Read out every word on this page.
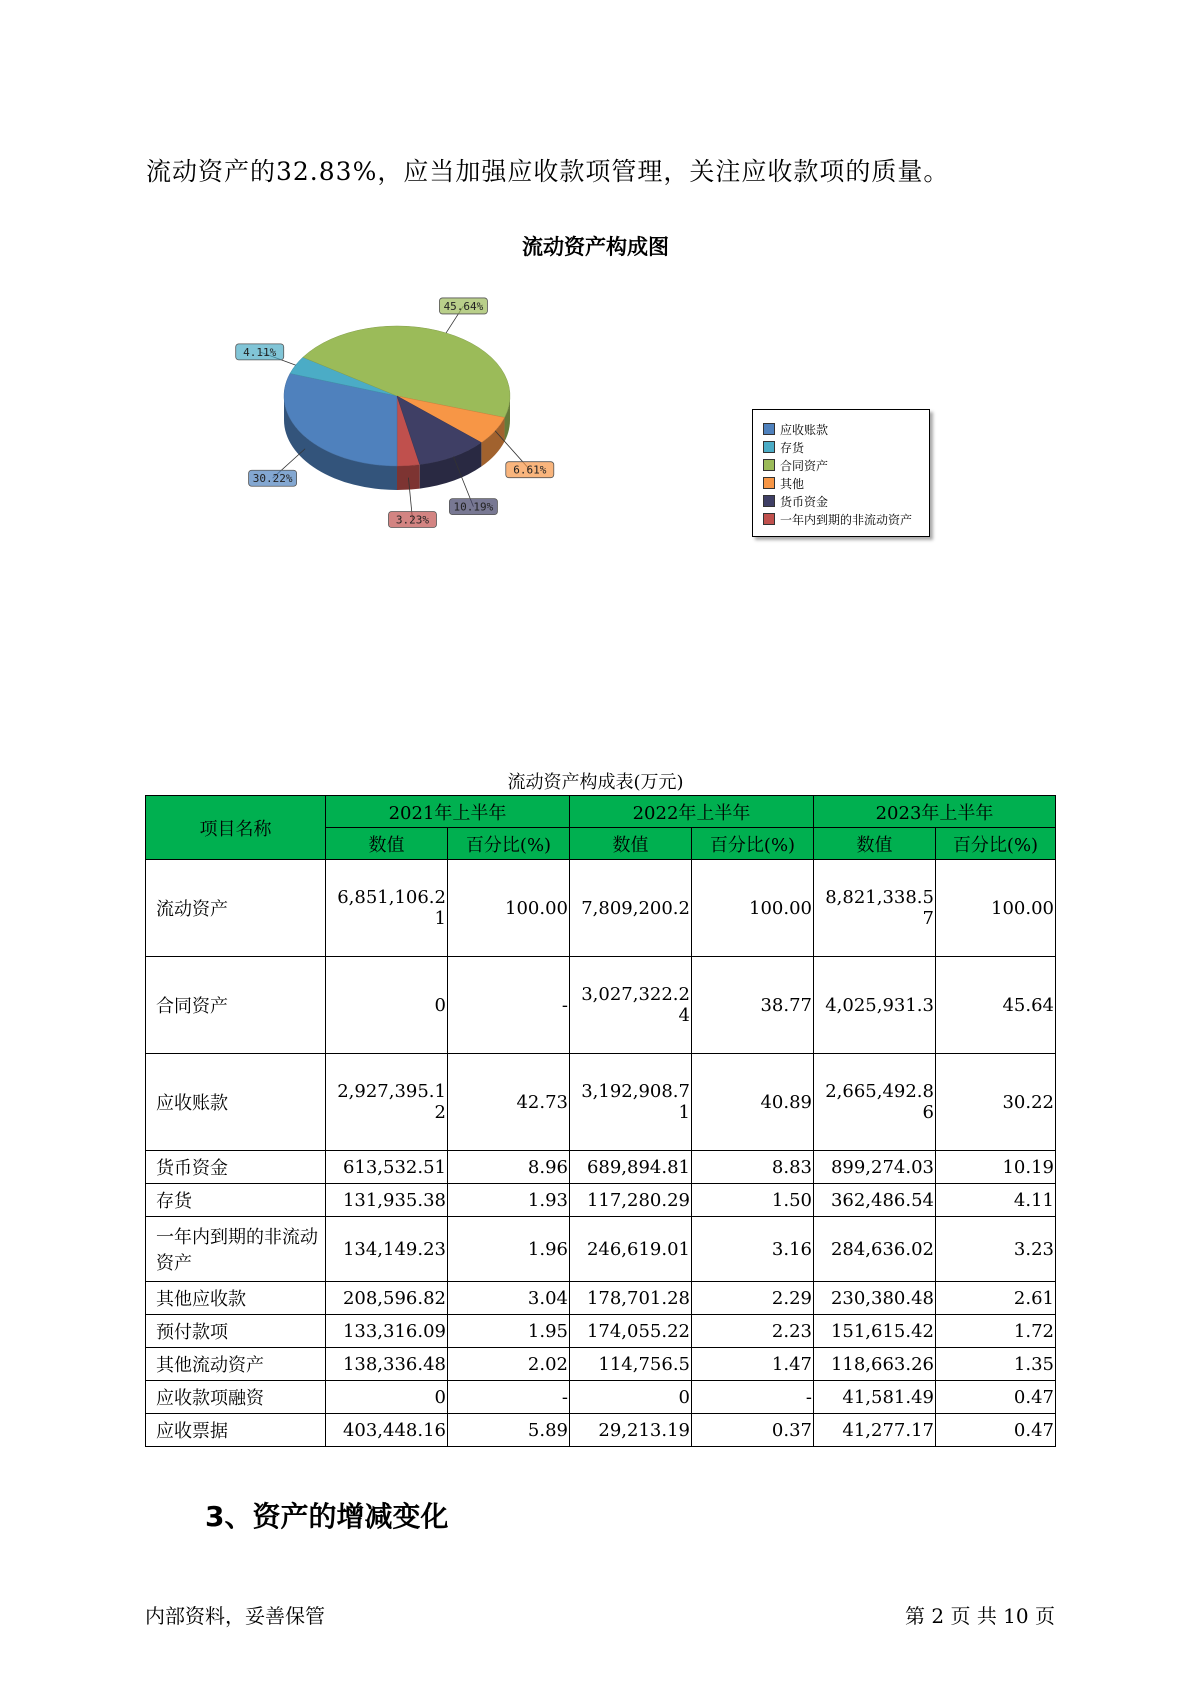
流动资产的32.83%，应当加强应收款项管理，关注应收款项的质量。
流动资产构成图
3.23%
30.22%
4.11%
45.64%
6.61%
10.19%
应收账款
存货
合同资产
其他
货币资金
一年内到期的非流动资产
流动资产构成表(万元)
项目名称	2021年上半年		2022年上半年		2023年上半年	
	数值	百分比(%)	数值	百分比(%)	数值	百分比(%)
流动资产	6,851,106.21	100.00	7,809,200.2	100.00	8,821,338.57	100.00
合同资产	0	-	3,027,322.24	38.77	4,025,931.3	45.64
应收账款	2,927,395.12	42.73	3,192,908.71	40.89	2,665,492.86	30.22
货币资金	613,532.51	8.96	689,894.81	8.83	899,274.03	10.19
存货	131,935.38	1.93	117,280.29	1.50	362,486.54	4.11
一年内到期的非流动资产	134,149.23	1.96	246,619.01	3.16	284,636.02	3.23
其他应收款	208,596.82	3.04	178,701.28	2.29	230,380.48	2.61
预付款项	133,316.09	1.95	174,055.22	2.23	151,615.42	1.72
其他流动资产	138,336.48	2.02	114,756.5	1.47	118,663.26	1.35
应收款项融资	0	-	0	-	41,581.49	0.47
应收票据	403,448.16	5.89	29,213.19	0.37	41,277.17	0.47
3、资产的增减变化
内部资料，妥善保管	第 2 页 共 10 页
